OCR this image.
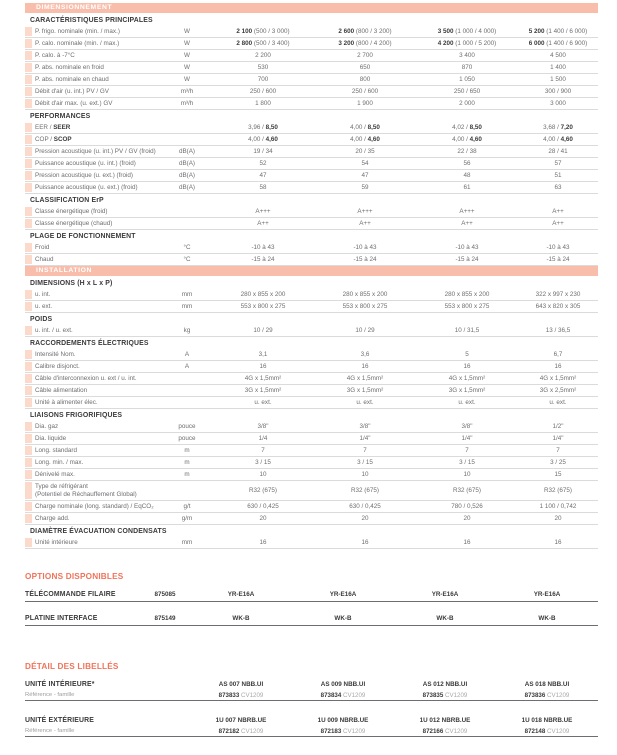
DIMENSIONNEMENT
CARACTÉRISTIQUES PRINCIPALES
P. frigo. nominale (min. / max.)	W	2 100 (500 / 3 000)	2 600 (800 / 3 200)	3 500 (1 000 / 4 000)	5 200 (1 400 / 6 000)
P. calo. nominale (min. / max.)	W	2 800 (500 / 3 400)	3 200 (800 / 4 200)	4 200 (1 000 / 5 200)	6 000 (1 400 / 6 900)
P. calo. à -7°C	W	2 200	2 700	3 400	4 500
P. abs. nominale en froid	W	530	650	870	1 400
P. abs. nominale en chaud	W	700	800	1 050	1 500
Débit d'air (u. int.) PV / GV	m³/h	250 / 600	250 / 600	250 / 650	300 / 900
Débit d'air max. (u. ext.) GV	m³/h	1 800	1 900	2 000	3 000
PERFORMANCES
EER / SEER	3,96 / 8,50	4,00 / 8,50	4,02 / 8,50	3,68 / 7,20
COP / SCOP	4,00 / 4,60	4,00 / 4,60	4,00 / 4,60	4,00 / 4,60
Pression acoustique (u. int.) PV / GV (froid)	dB(A)	19 / 34	20 / 35	22 / 38	28 / 41
Puissance acoustique (u. int.) (froid)	dB(A)	52	54	56	57
Pression acoustique (u. ext.) (froid)	dB(A)	47	47	48	51
Puissance acoustique (u. ext.) (froid)	dB(A)	58	59	61	63
CLASSIFICATION ErP
Classe énergétique (froid)	A+++	A+++	A+++	A++
Classe énergétique (chaud)	A++	A++	A++	A++
PLAGE DE FONCTIONNEMENT
Froid	°C	-10 à 43	-10 à 43	-10 à 43	-10 à 43
Chaud	°C	-15 à 24	-15 à 24	-15 à 24	-15 à 24
INSTALLATION
DIMENSIONS (H x L x P)
u. int.	mm	280 x 855 x 200	280 x 855 x 200	280 x 855 x 200	322 x 997 x 230
u. ext.	mm	553 x 800 x 275	553 x 800 x 275	553 x 800 x 275	643 x 820 x 305
POIDS
u. int. / u. ext.	kg	10 / 29	10 / 29	10 / 31,5	13 / 36,5
RACCORDEMENTS ÉLECTRIQUES
Intensité Nom.	A	3,1	3,6	5	6,7
Calibre disjonct.	A	16	16	16	16
Câble d'interconnexion u. ext / u. int.	4G x 1,5mm²	4G x 1,5mm²	4G x 1,5mm²	4G x 1,5mm²
Câble alimentation	3G x 1,5mm²	3G x 1,5mm²	3G x 1,5mm²	3G x 2,5mm²
Unité à alimenter élec.	u. ext.	u. ext.	u. ext.	u. ext.
LIAISONS FRIGORIFIQUES
Dia. gaz	pouce	3/8"	3/8"	3/8"	1/2"
Dia. liquide	pouce	1/4	1/4"	1/4"	1/4"
Long. standard	m	7	7	7	7
Long. min. / max.	m	3 / 15	3 / 15	3 / 15	3 / 25
Dénivelé max.	m	10	10	10	15
Type de réfrigérant
(Potentiel de Réchauffement Global)	R32 (675)	R32 (675)	R32 (675)	R32 (675)
Charge nominale (long. standard) / EqCO₂	g/t	630 / 0,425	630 / 0,425	780 / 0,526	1 100 / 0,742
Charge add.	g/m	20	20	20	20
DIAMÈTRE ÉVACUATION CONDENSATS
Unité intérieure	mm	16	16	16	16
OPTIONS DISPONIBLES
TÉLÉCOMMANDE FILAIRE	875085	YR-E16A	YR-E16A	YR-E16A	YR-E16A
PLATINE INTERFACE	875149	WK-B	WK-B	WK-B	WK-B
DÉTAIL DES LIBELLÉS
UNITÉ INTÉRIEURE*	AS 007 NBB.UI	AS 009 NBB.UI	AS 012 NBB.UI	AS 018 NBB.UI
Référence - famille	873833 CV1209	873834 CV1209	873835 CV1209	873836 CV1209
UNITÉ EXTÉRIEURE	1U 007 NBRB.UE	1U 009 NBRB.UE	1U 012 NBRB.UE	1U 018 NBRB.UE
Référence - famille	872182 CV1209	872183 CV1209	872166 CV1209	872148 CV1209
